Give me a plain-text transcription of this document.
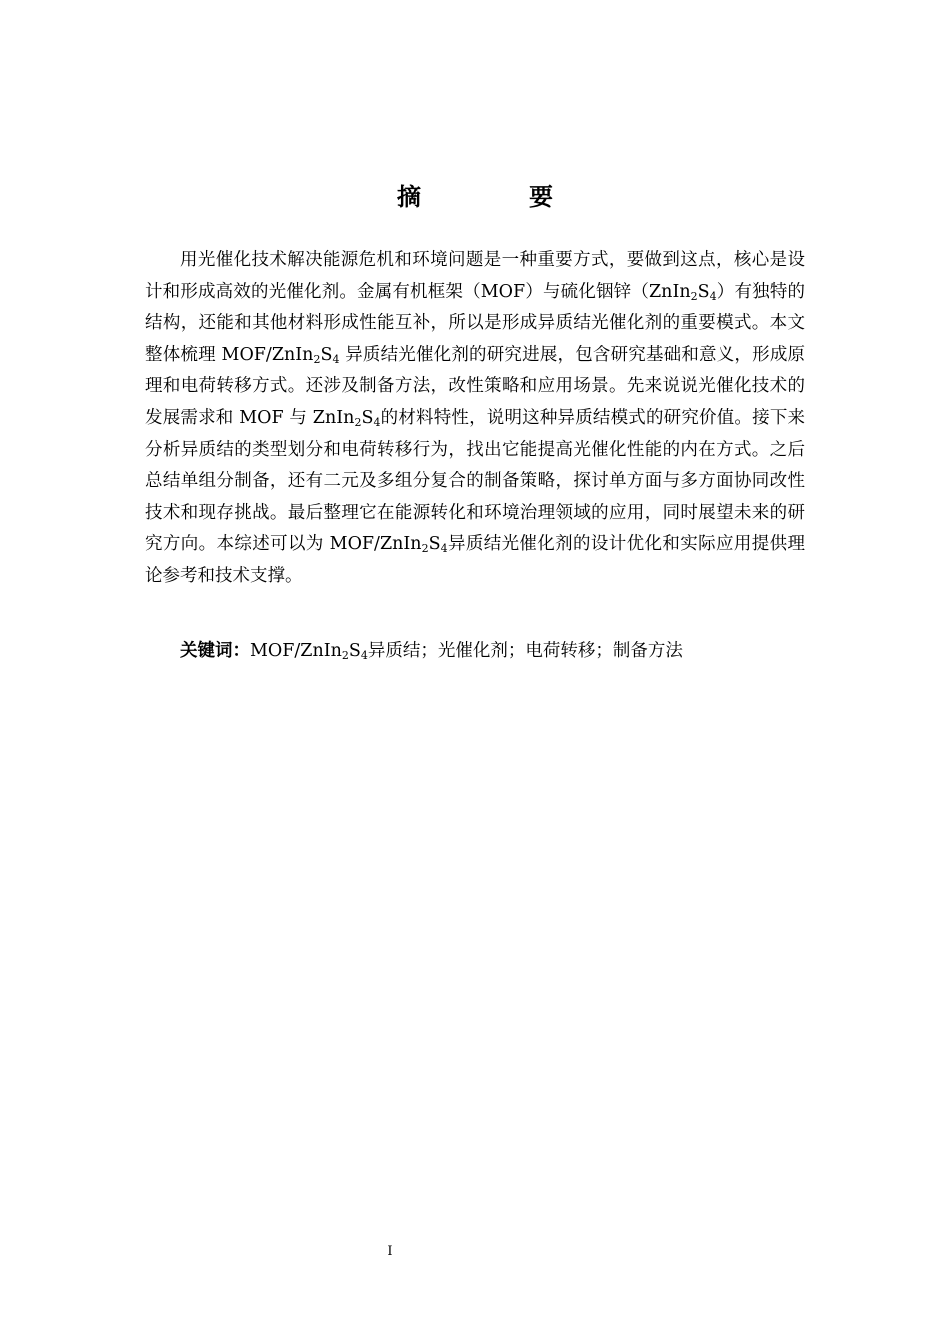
摘　要

用光催化技术解决能源危机和环境问题是一种重要方式，要做到这点，核心是设计和形成高效的光催化剂。金属有机框架（MOF）与硫化铟锌$(ZnIn_2S_4)$有独特的结构，还能和其他材料形成性能互补，所以是形成异质结光催化剂的重要模式。本文整体梳理 MOF/$ZnIn_2S_4$ 异质结光催化剂的研究进展，包含研究基础和意义，形成原理和电荷转移方式。还涉及制备方法，改性策略和应用场景。先来说说光催化技术的发展需求和 MOF 与 $ZnIn_2S_4$的材料特性，说明这种异质结模式的研究价值。接下来分析异质结的类型划分和电荷转移行为，找出它能提高光催化性能的内在方式。之后总结单组分制备，还有二元及多组分复合的制备策略，探讨单方面与多方面协同改性技术和现存挑战。最后整理它在能源转化和环境治理领域的应用，同时展望未来的研究方向。本综述可以为 MOF/$ZnIn_2S_4$异质结光催化剂的设计优化和实际应用提供理论参考和技术支撑。

关键词：MOF/$ZnIn_2S_4$异质结；光催化剂；电荷转移；制备方法

I
